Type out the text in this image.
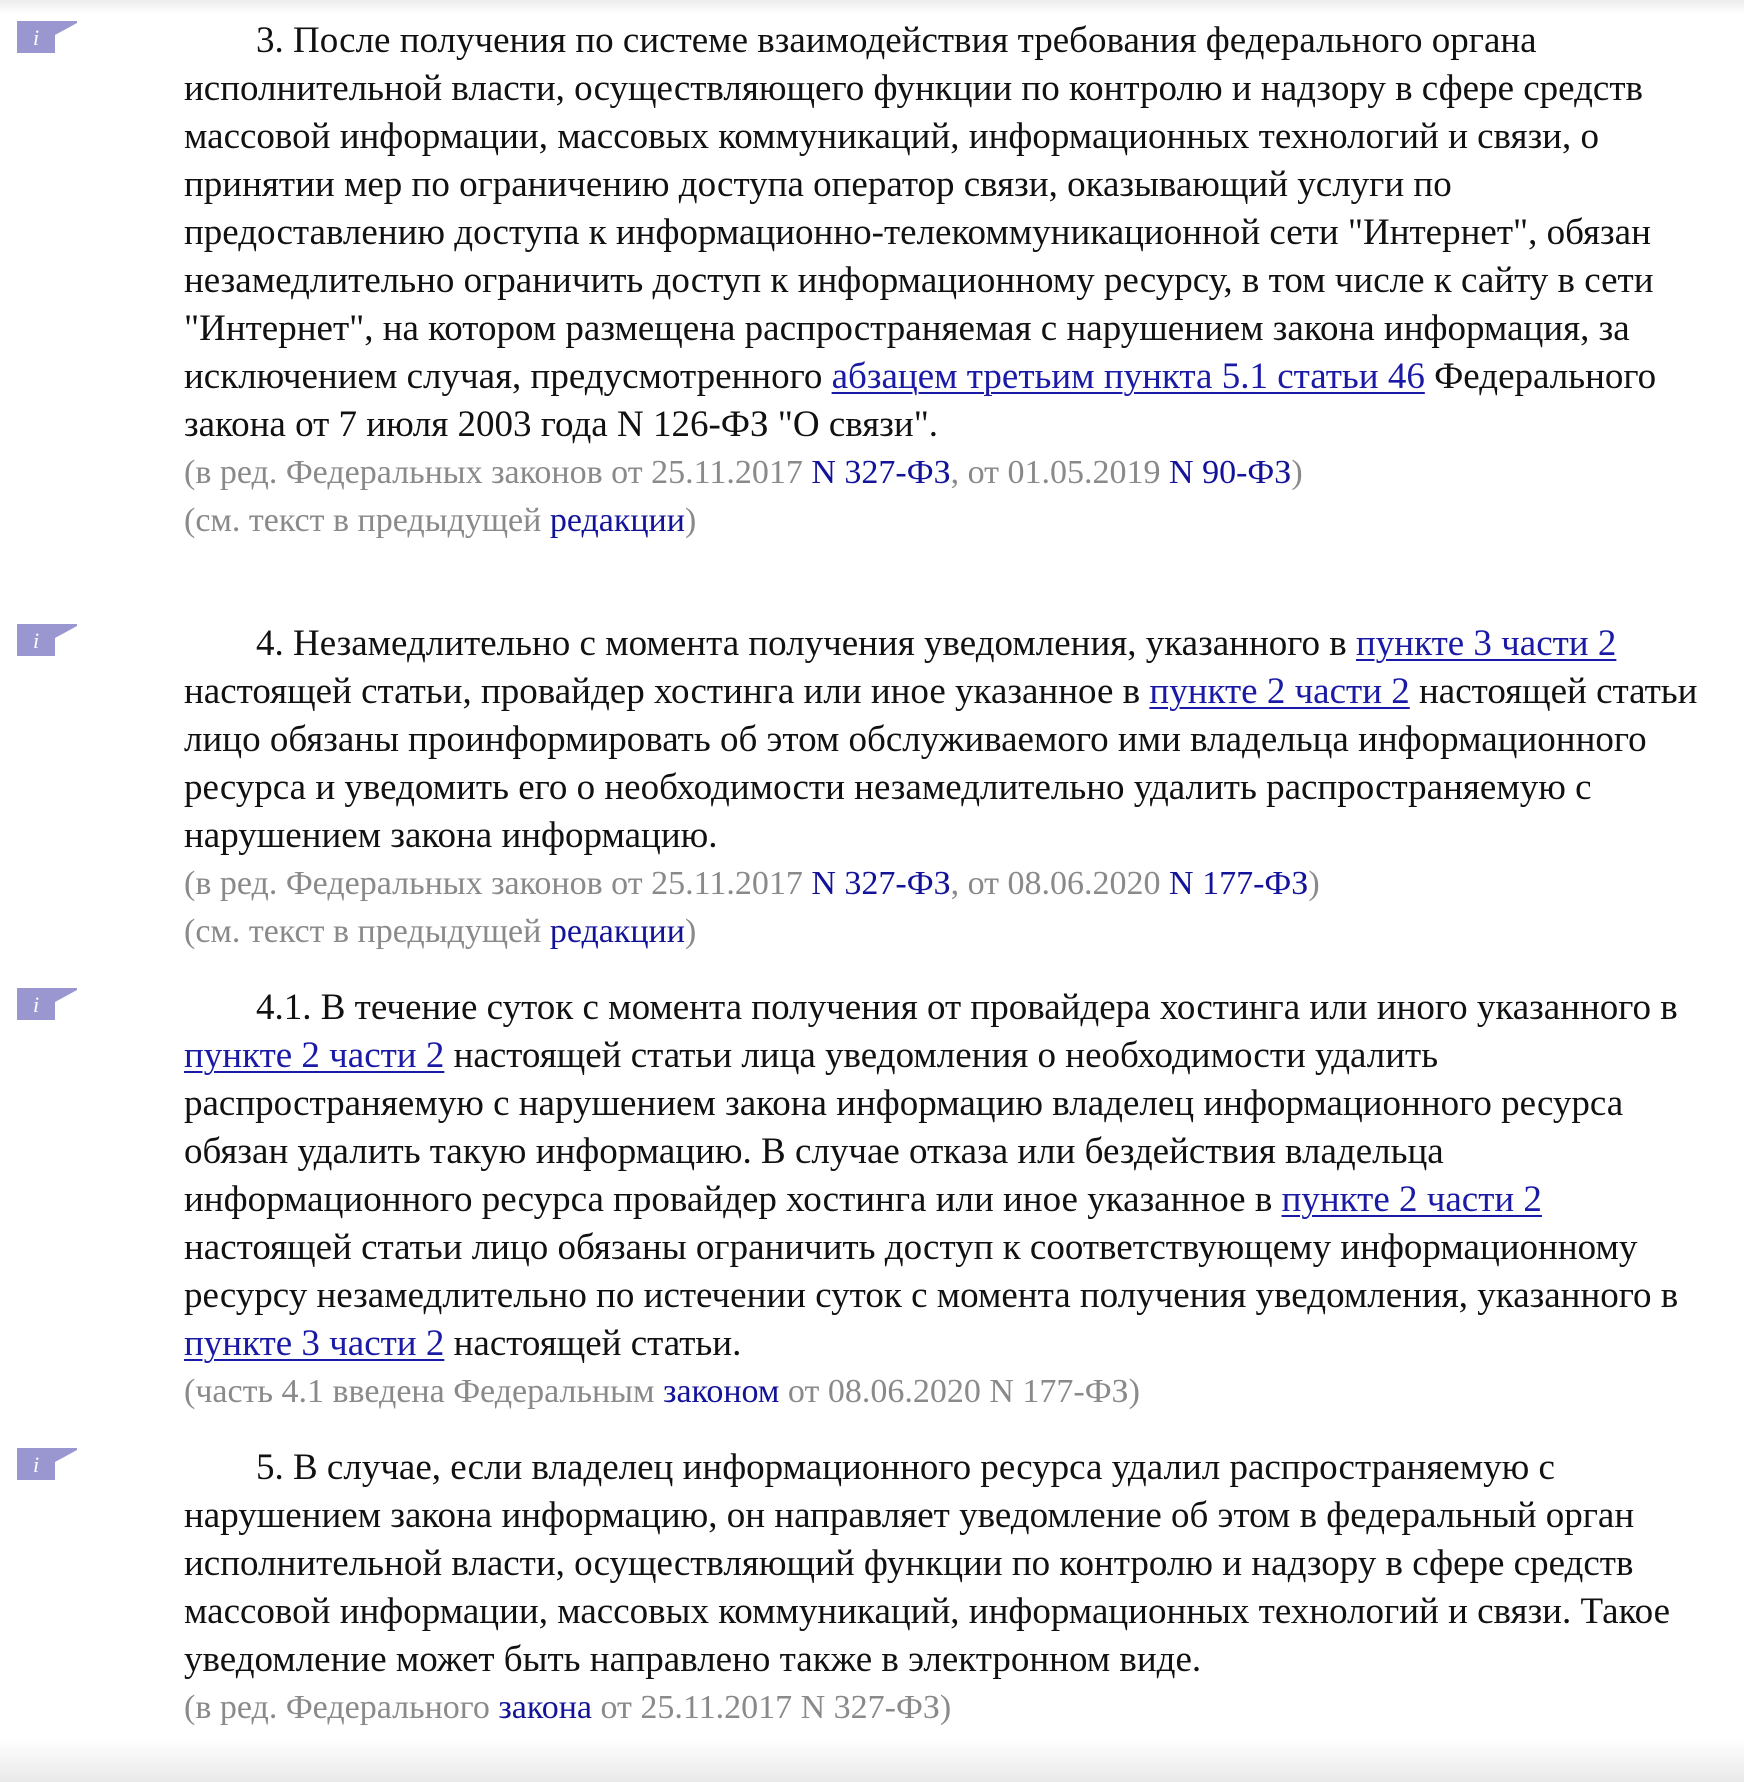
i	3. После получения по системе взаимодействия требования федерального органа исполнительной власти, осуществляющего функции по контролю и надзору в сфере средств массовой информации, массовых коммуникаций, информационных технологий и связи, о принятии мер по ограничению доступа оператор связи, оказывающий услуги по предоставлению доступа к информационно-телекоммуникационной сети "Интернет", обязан незамедлительно ограничить доступ к информационному ресурсу, в том числе к сайту в сети "Интернет", на котором размещена распространяемая с нарушением закона информация, за исключением случая, предусмотренного абзацем третьим пункта 5.1 статьи 46 Федерального закона от 7 июля 2003 года N 126-ФЗ "О связи".

(в ред. Федеральных законов от 25.11.2017 N 327-ФЗ, от 01.05.2019 N 90-ФЗ)

(см. текст в предыдущей редакции)

i	4. Незамедлительно с момента получения уведомления, указанного в пункте 3 части 2 настоящей статьи, провайдер хостинга или иное указанное в пункте 2 части 2 настоящей статьи лицо обязаны проинформировать об этом обслуживаемого ими владельца информационного ресурса и уведомить его о необходимости незамедлительно удалить распространяемую с нарушением закона информацию.

(в ред. Федеральных законов от 25.11.2017 N 327-ФЗ, от 08.06.2020 N 177-ФЗ)

(см. текст в предыдущей редакции)

i	4.1. В течение суток с момента получения от провайдера хостинга или иного указанного в пункте 2 части 2 настоящей статьи лица уведомления о необходимости удалить распространяемую с нарушением закона информацию владелец информационного ресурса обязан удалить такую информацию. В случае отказа или бездействия владельца информационного ресурса провайдер хостинга или иное указанное в пункте 2 части 2 настоящей статьи лицо обязаны ограничить доступ к соответствующему информационному ресурсу незамедлительно по истечении суток с момента получения уведомления, указанного в пункте 3 части 2 настоящей статьи.

(часть 4.1 введена Федеральным законом от 08.06.2020 N 177-ФЗ)

i	5. В случае, если владелец информационного ресурса удалил распространяемую с нарушением закона информацию, он направляет уведомление об этом в федеральный орган исполнительной власти, осуществляющий функции по контролю и надзору в сфере средств массовой информации, массовых коммуникаций, информационных технологий и связи. Такое уведомление может быть направлено также в электронном виде.

(в ред. Федерального закона от 25.11.2017 N 327-ФЗ)
